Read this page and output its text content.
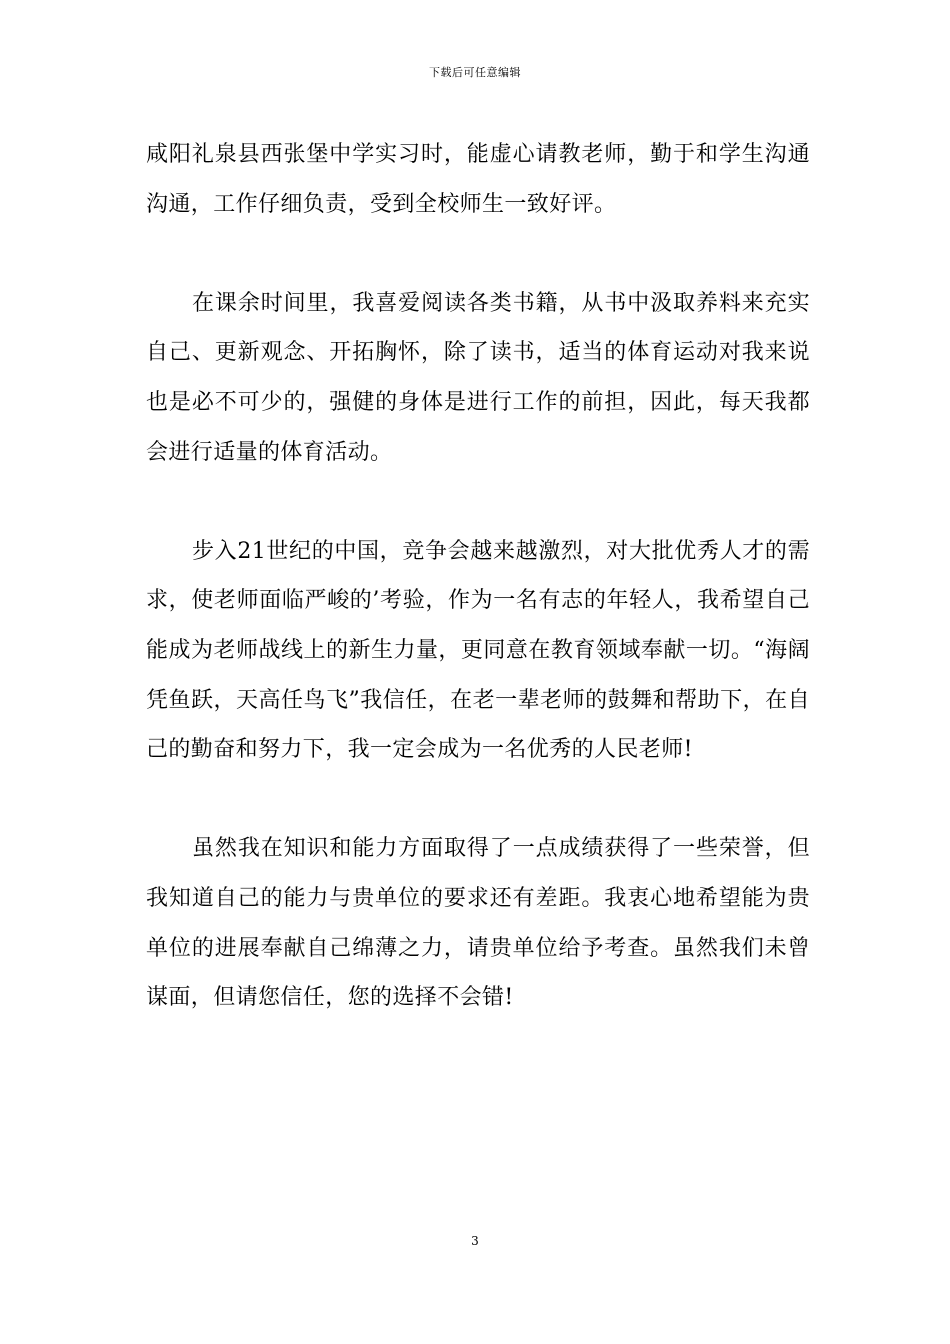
下载后可任意编辑

咸阳礼泉县西张堡中学实习时，能虚心请教老师，勤于和学生沟通沟通，工作仔细负责，受到全校师生一致好评。

在课余时间里，我喜爱阅读各类书籍，从书中汲取养料来充实自己、更新观念、开拓胸怀，除了读书，适当的体育运动对我来说也是必不可少的，强健的身体是进行工作的前担，因此，每天我都会进行适量的体育活动。

步入21世纪的中国，竞争会越来越激烈，对大批优秀人才的需求，使老师面临严峻的’考验，作为一名有志的年轻人，我希望自己能成为老师战线上的新生力量，更同意在教育领域奉献一切。“海阔凭鱼跃，天高任鸟飞”我信任，在老一辈老师的鼓舞和帮助下，在自己的勤奋和努力下，我一定会成为一名优秀的人民老师!

虽然我在知识和能力方面取得了一点成绩获得了一些荣誉，但我知道自己的能力与贵单位的要求还有差距。我衷心地希望能为贵单位的进展奉献自己绵薄之力，请贵单位给予考查。虽然我们未曾谋面，但请您信任，您的选择不会错!

3
